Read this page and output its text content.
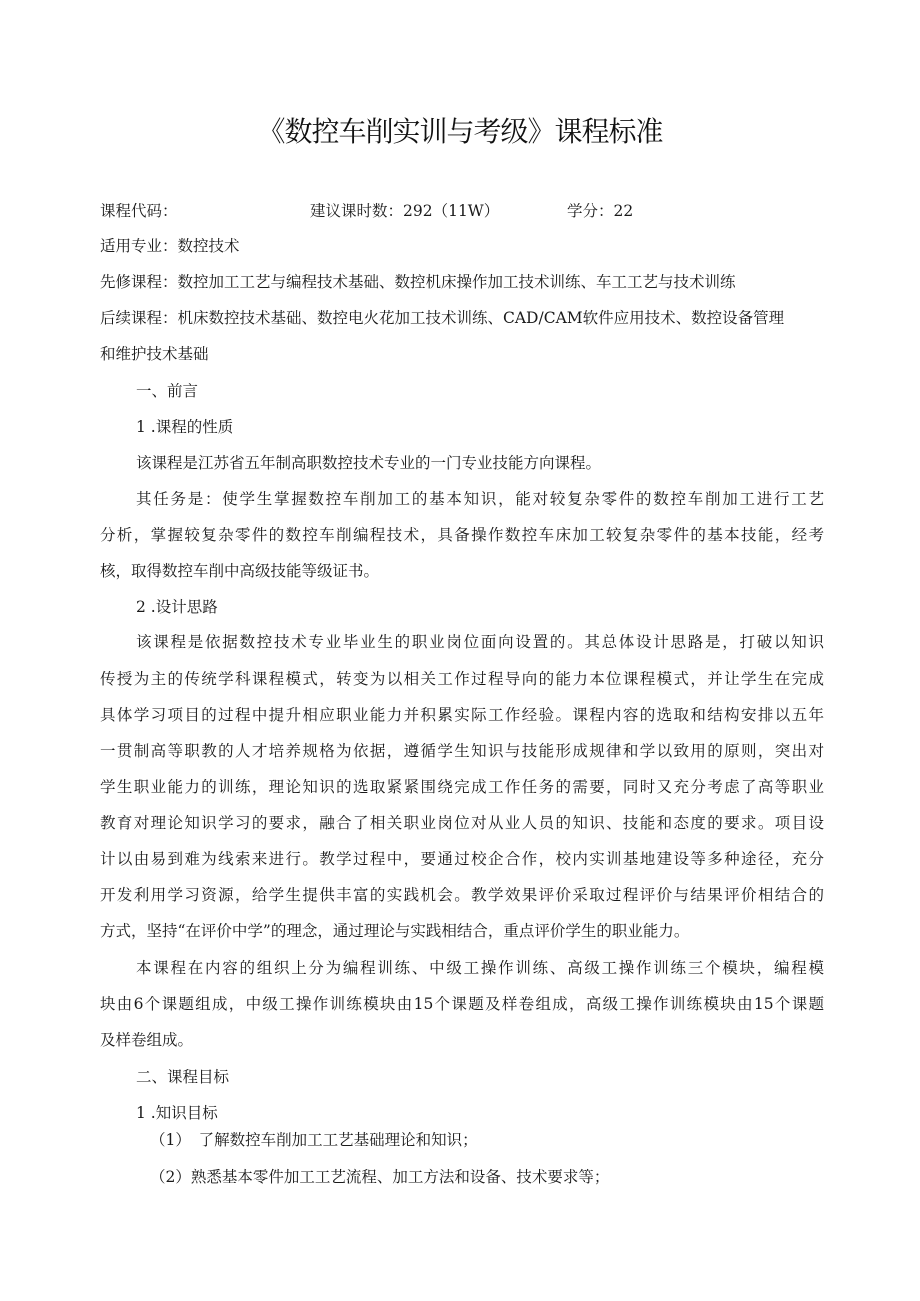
《数控车削实训与考级》课程标准
课程代码：	建议课时数：292（11W）	学分：22
适用专业：数控技术
先修课程：数控加工工艺与编程技术基础、数控机床操作加工技术训练、车工工艺与技术训练
后续课程：机床数控技术基础、数控电火花加工技术训练、CAD/CAM软件应用技术、数控设备管理
和维护技术基础
一、前言
1 .课程的性质
该课程是江苏省五年制高职数控技术专业的一门专业技能方向课程。
其任务是：使学生掌握数控车削加工的基本知识，能对较复杂零件的数控车削加工进行工艺
分析，掌握较复杂零件的数控车削编程技术，具备操作数控车床加工较复杂零件的基本技能，经考
核，取得数控车削中高级技能等级证书。
2 .设计思路
该课程是依据数控技术专业毕业生的职业岗位面向设置的。其总体设计思路是，打破以知识
传授为主的传统学科课程模式，转变为以相关工作过程导向的能力本位课程模式，并让学生在完成
具体学习项目的过程中提升相应职业能力并积累实际工作经验。课程内容的选取和结构安排以五年
一贯制高等职教的人才培养规格为依据，遵循学生知识与技能形成规律和学以致用的原则，突出对
学生职业能力的训练，理论知识的选取紧紧围绕完成工作任务的需要，同时又充分考虑了高等职业
教育对理论知识学习的要求，融合了相关职业岗位对从业人员的知识、技能和态度的要求。项目设
计以由易到难为线索来进行。教学过程中，要通过校企合作，校内实训基地建设等多种途径，充分
开发利用学习资源，给学生提供丰富的实践机会。教学效果评价采取过程评价与结果评价相结合的
方式，坚持“在评价中学”的理念，通过理论与实践相结合，重点评价学生的职业能力。
本课程在内容的组织上分为编程训练、中级工操作训练、高级工操作训练三个模块，编程模
块由6个课题组成，中级工操作训练模块由15个课题及样卷组成，高级工操作训练模块由15个课题
及样卷组成。
二、课程目标
1 .知识目标
（1）　了解数控车削加工工艺基础理论和知识；
（2）熟悉基本零件加工工艺流程、加工方法和设备、技术要求等；
